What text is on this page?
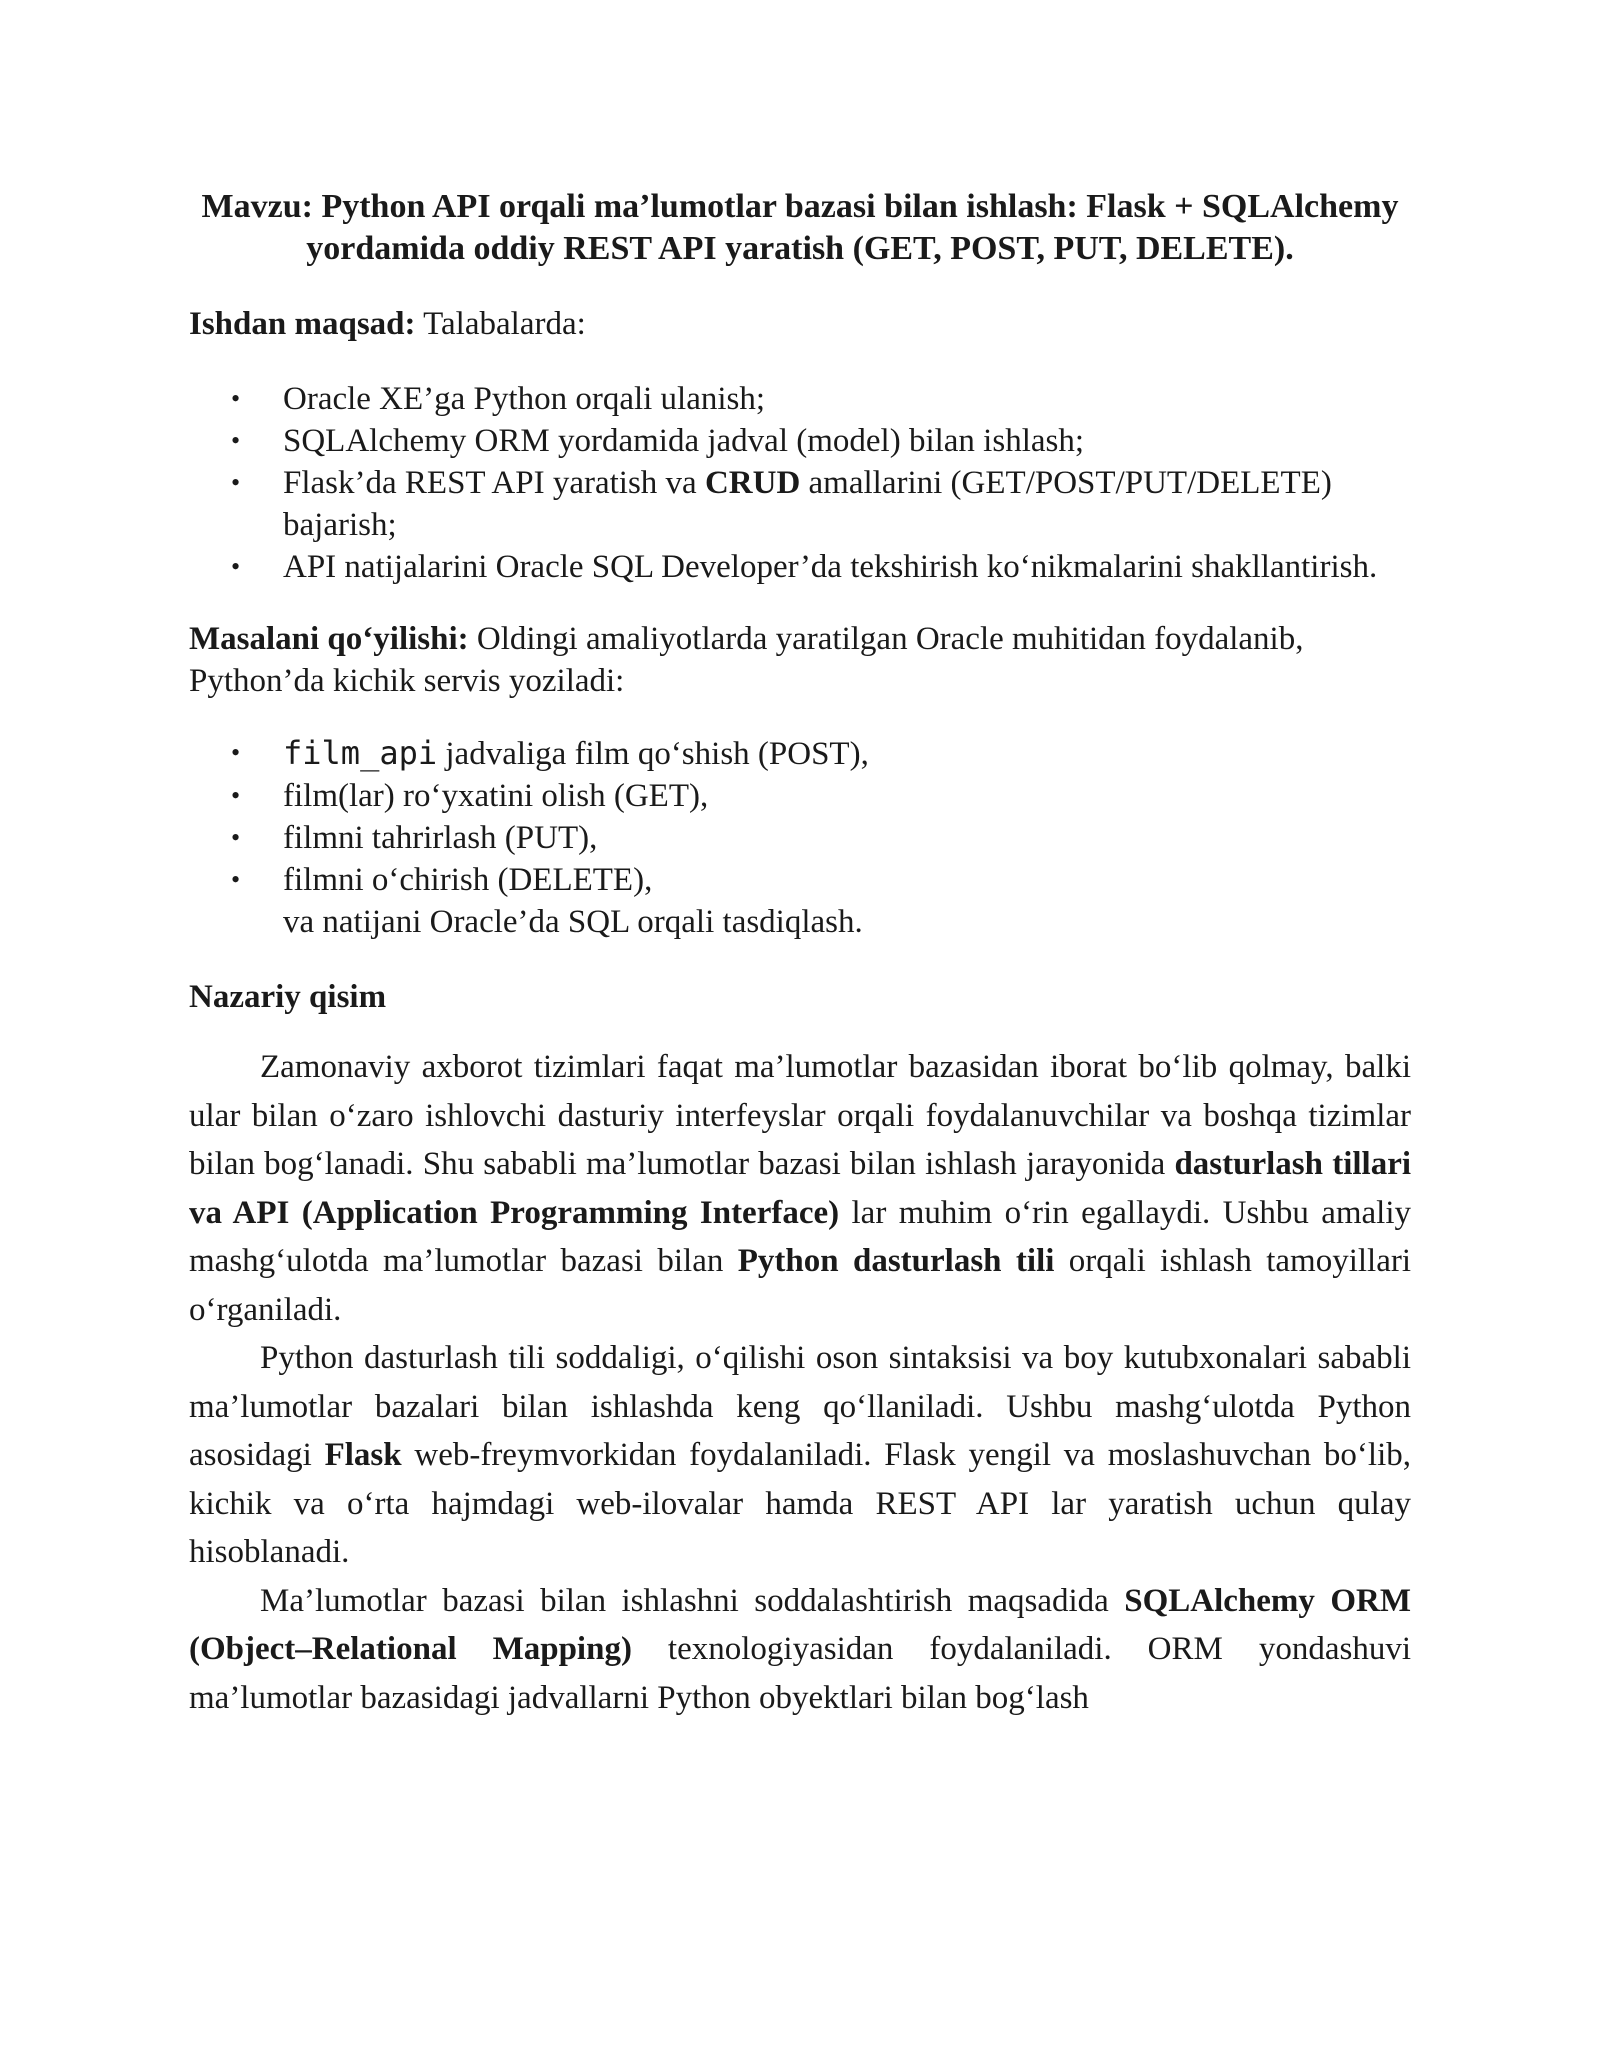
Mavzu: Python API orqali ma’lumotlar bazasi bilan ishlash: Flask + SQLAlchemy yordamida oddiy REST API yaratish (GET, POST, PUT, DELETE).

Ishdan maqsad: Talabalarda:

• Oracle XE’ga Python orqali ulanish;
• SQLAlchemy ORM yordamida jadval (model) bilan ishlash;
• Flask’da REST API yaratish va CRUD amallarini (GET/POST/PUT/DELETE) bajarish;
• API natijalarini Oracle SQL Developer’da tekshirish ko‘nikmalarini shakllantirish.

Masalani qo‘yilishi: Oldingi amaliyotlarda yaratilgan Oracle muhitidan foydalanib, Python’da kichik servis yoziladi:

• film_api jadvaliga film qo‘shish (POST),
• film(lar) ro‘yxatini olish (GET),
• filmni tahrirlash (PUT),
• filmni o‘chirish (DELETE),
va natijani Oracle’da SQL orqali tasdiqlash.
Nazariy qisim

Zamonaviy axborot tizimlari faqat ma’lumotlar bazasidan iborat bo‘lib qolmay, balki ular bilan o‘zaro ishlovchi dasturiy interfeyslar orqali foydalanuvchilar va boshqa tizimlar bilan bog‘lanadi. Shu sababli ma’lumotlar bazasi bilan ishlash jarayonida dasturlash tillari va API (Application Programming Interface) lar muhim o‘rin egallaydi. Ushbu amaliy mashg‘ulotda ma’lumotlar bazasi bilan Python dasturlash tili orqali ishlash tamoyillari o‘rganiladi.

Python dasturlash tili soddaligi, o‘qilishi oson sintaksisi va boy kutubxonalari sababli ma’lumotlar bazalari bilan ishlashda keng qo‘llaniladi. Ushbu mashg‘ulotda Python asosidagi Flask web-freymvorkidan foydalaniladi. Flask yengil va moslashuvchan bo‘lib, kichik va o‘rta hajmdagi web-ilovalar hamda REST API lar yaratish uchun qulay hisoblanadi.

Ma’lumotlar bazasi bilan ishlashni soddalashtirish maqsadida SQLAlchemy ORM (Object–Relational Mapping) texnologiyasidan foydalaniladi. ORM yondashuvi ma’lumotlar bazasidagi jadvallarni Python obyektlari bilan bog‘lash
